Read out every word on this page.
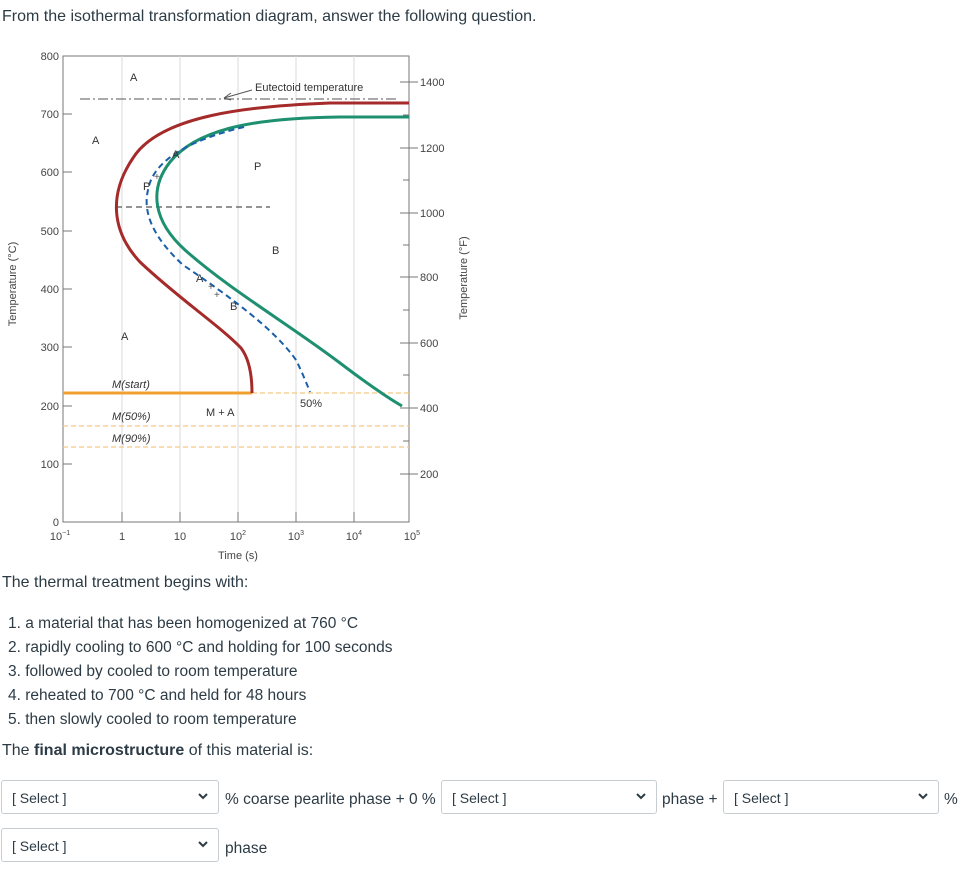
From the isothermal transformation diagram, answer the following question.

+
+
+
A
Eutectoid temperature
A
A
P
P
B
A
B
A
M(start)
50%
M + A
M(50%)
M(90%)
800
700
600
500
400
300
200
100
0
1400
1200
1000
800
600
400
200
$10^{-1}$	1	10	$10^2$	$10^3$	$10^4$	$10^5$
Time (s)
Temperature (°C)	Temperature (°F)

The thermal treatment begins with:

1. a material that has been homogenized at 760 °C
2. rapidly cooling to 600 °C and holding for 100 seconds
3. followed by cooled to room temperature
4. reheated to 700 °C and held for 48 hours
5. then slowly cooled to room temperature

The final microstructure of this material is:

[ Select ]	% coarse pearlite phase + 0 % [ Select ]	phase + [ Select ]	%
[ Select ]	phase
